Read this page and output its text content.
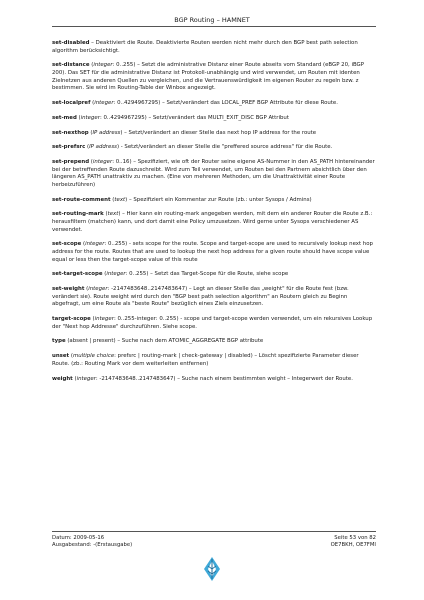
BGP Routing – HAMNET

set-disabled – Deaktiviert die Route. Deaktivierte Routen werden nicht mehr durch den BGP best path selection algorithm berücksichtigt.

set-distance (integer: 0..255) – Setzt die administrative Distanz einer Route abseits vom Standard (eBGP 20, iBGP 200). Das SET für die administrative Distanz ist Protokoll-unabhängig und wird verwendet, um Routen mit identen Zielnetzen aus anderen Quellen zu vergleichen, und die Vertrauenswürdigkeit im eigenen Router zu regeln bzw. z bestimmen. Sie wird im Routing-Table der Winbox angezeigt.

set-localpref (integer: 0..4294967295) – Setzt/verändert das LOCAL_PREF BGP Attribute für diese Route.

set-med (integer: 0..4294967295) – Setzt/verändert das MULTI_EXIT_DISC BGP Attribut

set-nexthop (IP address) – Setzt/verändert an dieser Stelle das next hop IP address for the route

set-prefsrc (IP address) - Setzt/verändert an dieser Stelle die "preffered source address" für die Route.

set-prepend (integer: 0..16) – Spezifiziert, wie oft der Router seine eigene AS-Nummer in den AS_PATH hintereinander bei der betreffenden Route dazuschreibt. Wird zum Teil verwendet, um Routen bei den Partnern absichtlich über den längeren AS_PATH unattraktiv zu machen. (Eine von mehreren Methoden, um die Unattraktivität einer Route herbeizuführen)

set-route-comment (text) – Spezifiziert ein Kommentar zur Route (zb.: unter Sysops / Admins)

set-routing-mark (text) – Hier kann ein routing-mark angegeben werden, mit dem ein anderer Router die Route z.B.: herausfiltern (matchen) kann, und dort damit eine Policy umzusetzen. Wird gerne unter Sysops verschiedener AS verwendet.

set-scope (integer: 0..255) - sets scope for the route. Scope and target-scope are used to recursively lookup next hop address for the route. Routes that are used to lookup the next hop address for a given route should have scope value equal or less then the target-scope value of this route

set-target-scope (integer: 0..255) – Setzt das Target-Scope für die Route, siehe scope

set-weight (integer: -2147483648..2147483647) – Legt an dieser Stelle das „weight" für die Route fest (bzw. verändert sie). Route weight wird durch den "BGP best path selection algorithm" an Routern gleich zu Beginn abgefragt, um eine Route als "beste Route" bezüglich eines Ziels einzusetzen.

target-scope (integer: 0..255-integer: 0..255) - scope und target-scope werden verwendet, um ein rekursives Lookup der "Next hop Addresse" durchzuführen. Siehe scope.

type (absent | present) – Suche nach dem ATOMIC_AGGREGATE BGP attribute

unset (multiple choice: prefsrc | routing-mark | check-gateway | disabled) – Löscht spezifizierte Parameter dieser Route. (zb.: Routing Mark vor dem weiterleiten entfernen)

weight (integer: -2147483648..2147483647) – Suche nach einem bestimmten weight – Integerwert der Route.

Datum: 2009-05-16
Ausgabestand: -(Erstausgabe)
Seite 53 von 82
OE7BKH, OE7FMI
